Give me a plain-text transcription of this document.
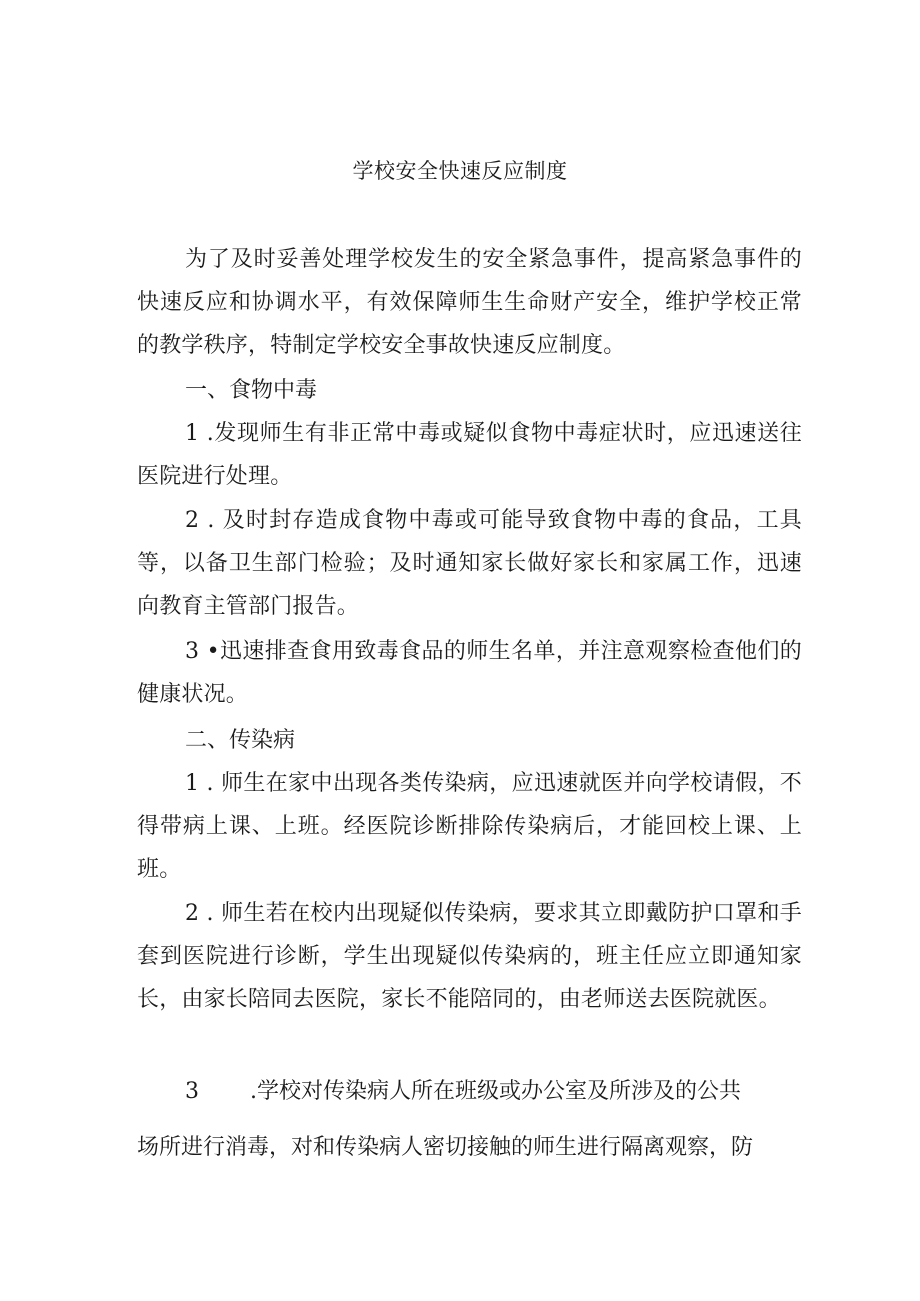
学校安全快速反应制度

为了及时妥善处理学校发生的安全紧急事件，提高紧急事件的快速反应和协调水平，有效保障师生生命财产安全，维护学校正常的教学秩序，特制定学校安全事故快速反应制度。

一、食物中毒

1 .发现师生有非正常中毒或疑似食物中毒症状时，应迅速送往医院进行处理。

2 . 及时封存造成食物中毒或可能导致食物中毒的食品，工具等，以备卫生部门检验；及时通知家长做好家长和家属工作，迅速向教育主管部门报告。

3 •迅速排查食用致毒食品的师生名单，并注意观察检查他们的健康状况。

二、传染病

1 . 师生在家中出现各类传染病，应迅速就医并向学校请假，不得带病上课、上班。经医院诊断排除传染病后，才能回校上课、上班。

2 . 师生若在校内出现疑似传染病，要求其立即戴防护口罩和手套到医院进行诊断，学生出现疑似传染病的，班主任应立即通知家长，由家长陪同去医院，家长不能陪同的，由老师送去医院就医。

3 .学校对传染病人所在班级或办公室及所涉及的公共

场所进行消毒，对和传染病人密切接触的师生进行隔离观察，防
